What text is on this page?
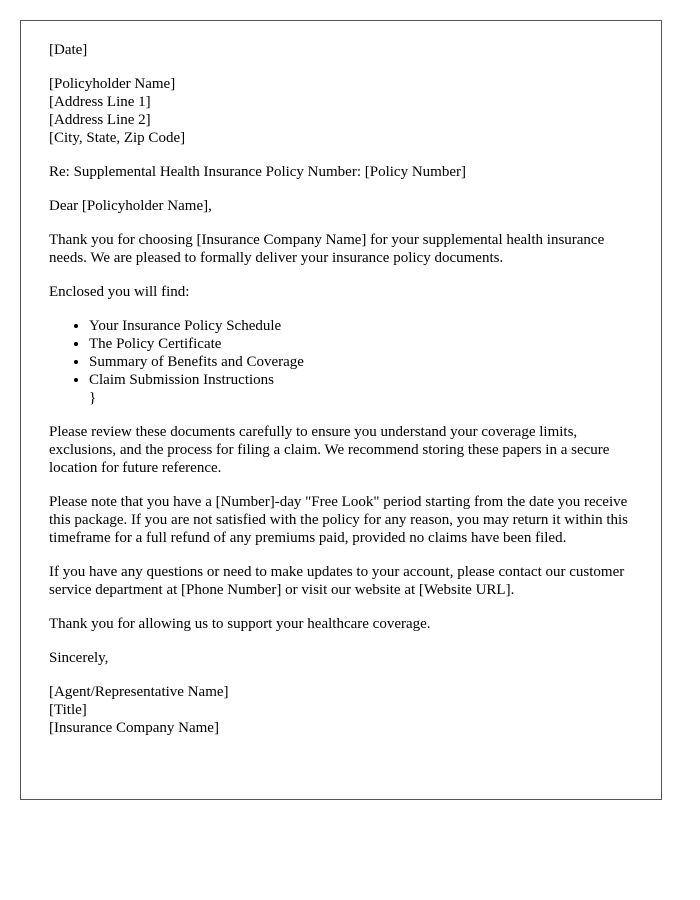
[Date]

[Policyholder Name]
[Address Line 1]
[Address Line 2]
[City, State, Zip Code]

Re: Supplemental Health Insurance Policy Number: [Policy Number]

Dear [Policyholder Name],

Thank you for choosing [Insurance Company Name] for your supplemental health insurance needs. We are pleased to formally deliver your insurance policy documents.

Enclosed you will find:

• Your Insurance Policy Schedule
• The Policy Certificate
• Summary of Benefits and Coverage
• Claim Submission Instructions
}

Please review these documents carefully to ensure you understand your coverage limits, exclusions, and the process for filing a claim. We recommend storing these papers in a secure location for future reference.

Please note that you have a [Number]-day "Free Look" period starting from the date you receive this package. If you are not satisfied with the policy for any reason, you may return it within this timeframe for a full refund of any premiums paid, provided no claims have been filed.

If you have any questions or need to make updates to your account, please contact our customer service department at [Phone Number] or visit our website at [Website URL].

Thank you for allowing us to support your healthcare coverage.

Sincerely,

[Agent/Representative Name]
[Title]
[Insurance Company Name]
